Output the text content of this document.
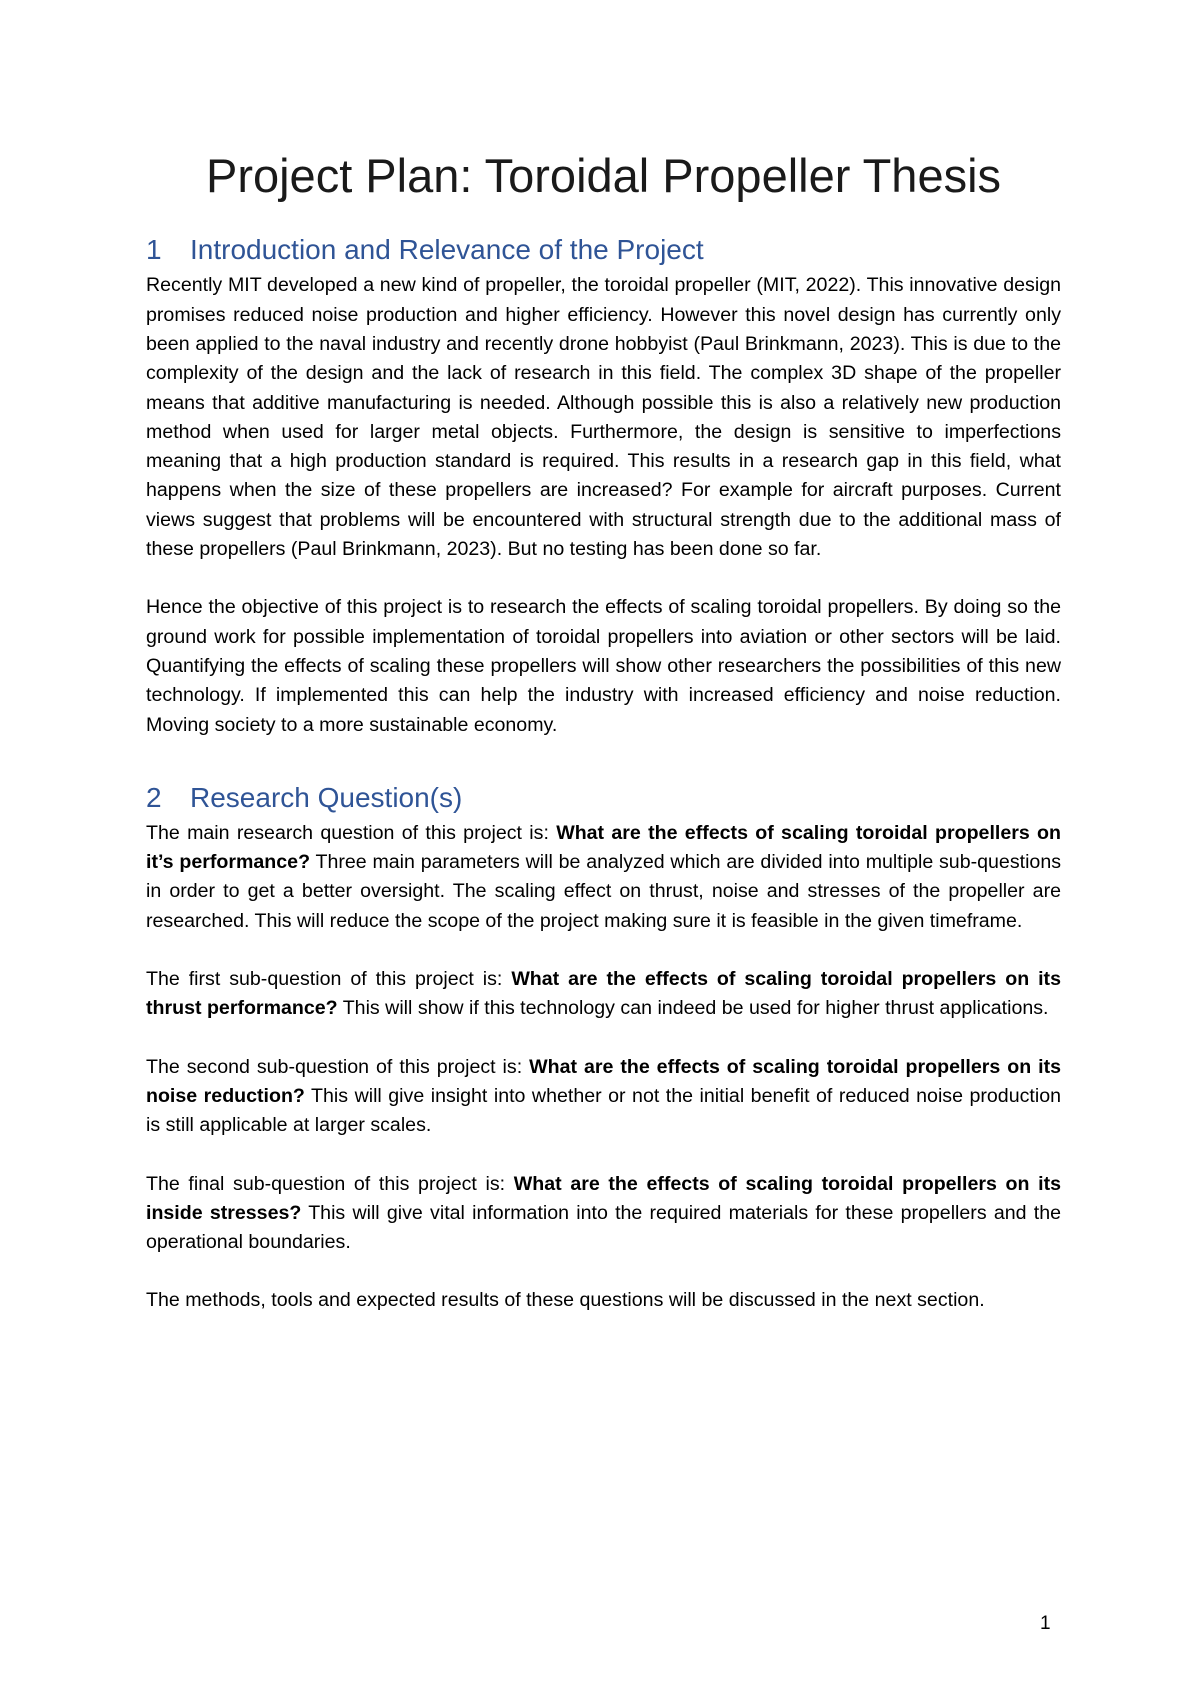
Project Plan: Toroidal Propeller Thesis
1 Introduction and Relevance of the Project

Recently MIT developed a new kind of propeller, the toroidal propeller (MIT, 2022). This innovative design promises reduced noise production and higher efficiency. However this novel design has currently only been applied to the naval industry and recently drone hobbyist (Paul Brinkmann, 2023). This is due to the complexity of the design and the lack of research in this field. The complex 3D shape of the propeller means that additive manufacturing is needed. Although possible this is also a relatively new production method when used for larger metal objects. Furthermore, the design is sensitive to imperfections meaning that a high production standard is required. This results in a research gap in this field, what happens when the size of these propellers are increased? For example for aircraft purposes. Current views suggest that problems will be encountered with structural strength due to the additional mass of these propellers (Paul Brinkmann, 2023). But no testing has been done so far.

Hence the objective of this project is to research the effects of scaling toroidal propellers. By doing so the ground work for possible implementation of toroidal propellers into aviation or other sectors will be laid. Quantifying the effects of scaling these propellers will show other researchers the possibilities of this new technology. If implemented this can help the industry with increased efficiency and noise reduction. Moving society to a more sustainable economy.

2 Research Question(s)

The main research question of this project is: What are the effects of scaling toroidal propellers on it’s performance? Three main parameters will be analyzed which are divided into multiple sub-questions in order to get a better oversight. The scaling effect on thrust, noise and stresses of the propeller are researched. This will reduce the scope of the project making sure it is feasible in the given timeframe.

The first sub-question of this project is: What are the effects of scaling toroidal propellers on its thrust performance? This will show if this technology can indeed be used for higher thrust applications.

The second sub-question of this project is: What are the effects of scaling toroidal propellers on its noise reduction? This will give insight into whether or not the initial benefit of reduced noise production is still applicable at larger scales.

The final sub-question of this project is: What are the effects of scaling toroidal propellers on its inside stresses? This will give vital information into the required materials for these propellers and the operational boundaries.

The methods, tools and expected results of these questions will be discussed in the next section.

1
